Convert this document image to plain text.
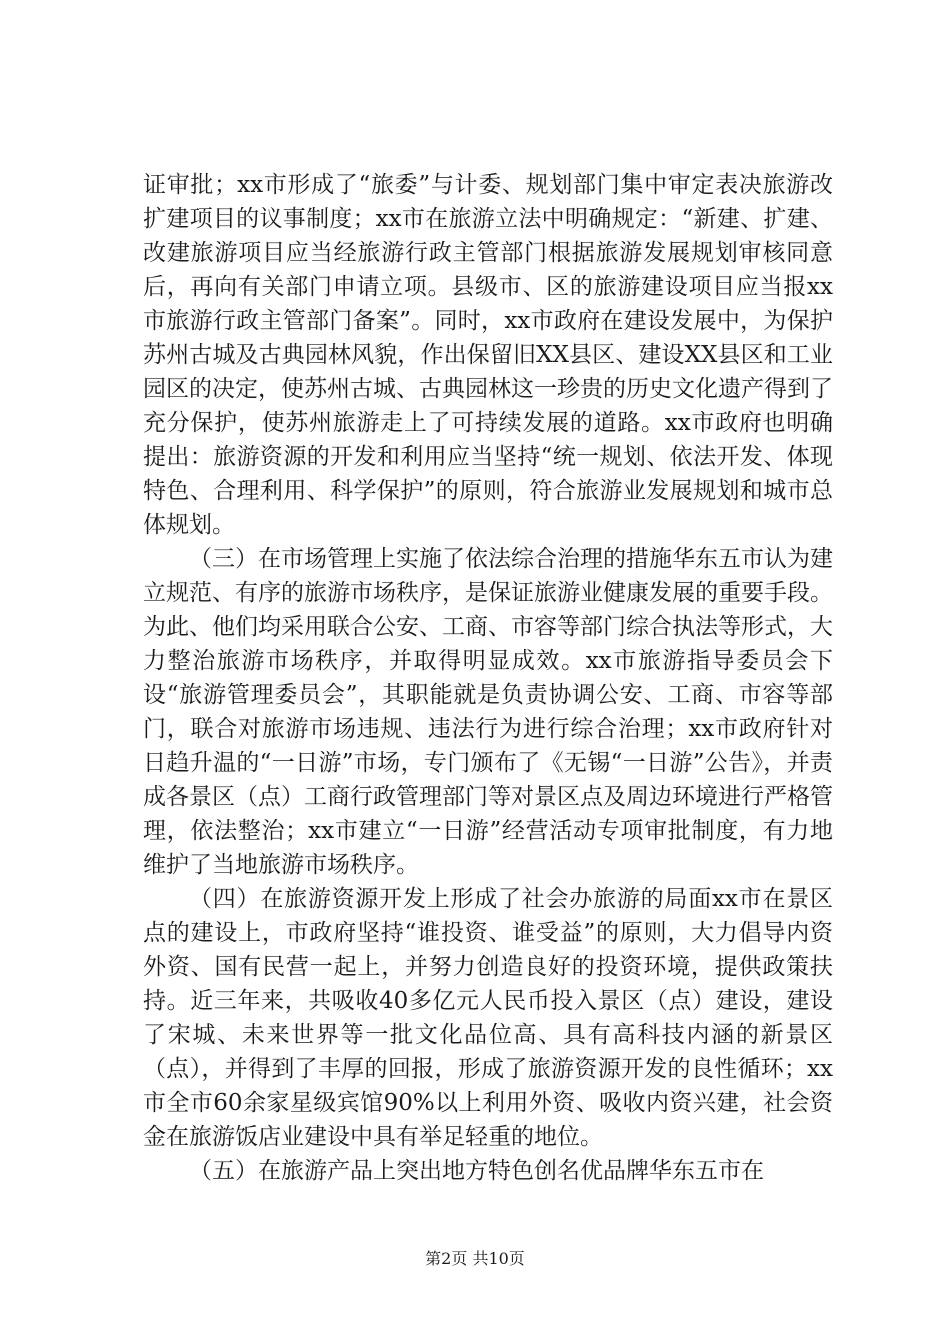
证审批；xx市形成了“旅委”与计委、规划部门集中审定表决旅游改扩建项目的议事制度；xx市在旅游立法中明确规定：“新建、扩建、改建旅游项目应当经旅游行政主管部门根据旅游发展规划审核同意后，再向有关部门申请立项。县级市、区的旅游建设项目应当报xx市旅游行政主管部门备案”。同时，xx市政府在建设发展中，为保护苏州古城及古典园林风貌，作出保留旧XX县区、建设XX县区和工业园区的决定，使苏州古城、古典园林这一珍贵的历史文化遗产得到了充分保护，使苏州旅游走上了可持续发展的道路。xx市政府也明确提出：旅游资源的开发和利用应当坚持“统一规划、依法开发、体现特色、合理利用、科学保护”的原则，符合旅游业发展规划和城市总体规划。

（三）在市场管理上实施了依法综合治理的措施华东五市认为建立规范、有序的旅游市场秩序，是保证旅游业健康发展的重要手段。为此、他们均采用联合公安、工商、市容等部门综合执法等形式，大力整治旅游市场秩序，并取得明显成效。xx市旅游指导委员会下设“旅游管理委员会”，其职能就是负责协调公安、工商、市容等部门，联合对旅游市场违规、违法行为进行综合治理；xx市政府针对日趋升温的“一日游”市场，专门颁布了《无锡“一日游”公告》，并责成各景区（点）工商行政管理部门等对景区点及周边环境进行严格管理，依法整治；xx市建立“一日游”经营活动专项审批制度，有力地维护了当地旅游市场秩序。

（四）在旅游资源开发上形成了社会办旅游的局面xx市在景区点的建设上，市政府坚持“谁投资、谁受益”的原则，大力倡导内资外资、国有民营一起上，并努力创造良好的投资环境，提供政策扶持。近三年来，共吸收40多亿元人民币投入景区（点）建设，建设了宋城、未来世界等一批文化品位高、具有高科技内涵的新景区（点），并得到了丰厚的回报，形成了旅游资源开发的良性循环；xx市全市60余家星级宾馆90%以上利用外资、吸收内资兴建，社会资金在旅游饭店业建设中具有举足轻重的地位。

（五）在旅游产品上突出地方特色创名优品牌华东五市在

第2页 共10页
